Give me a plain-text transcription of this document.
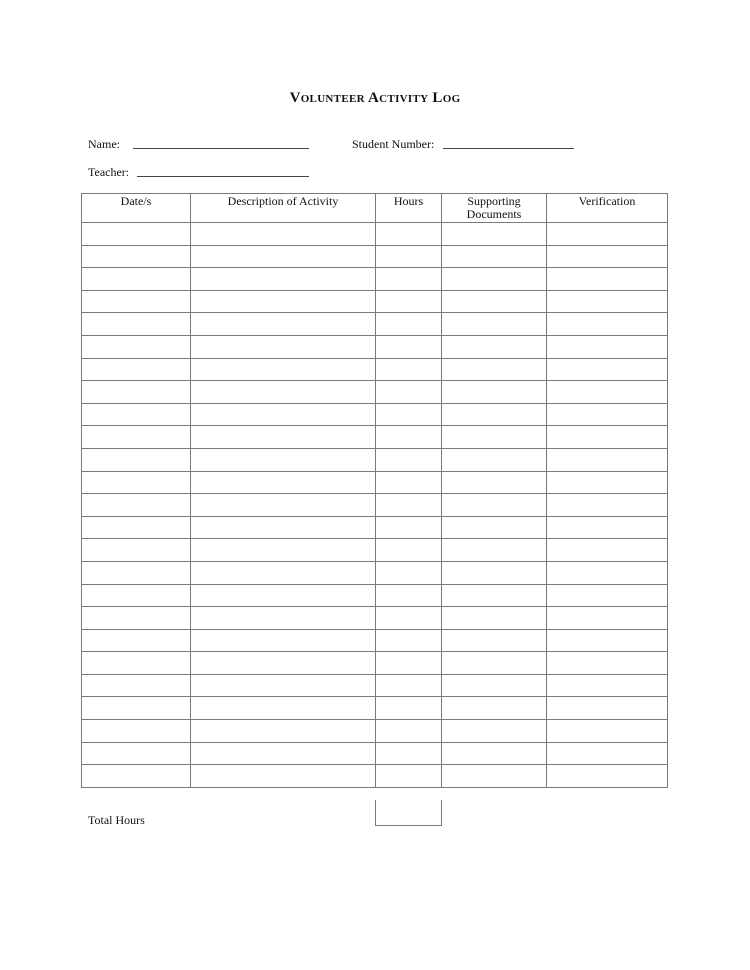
Volunteer Activity Log
Name:	Student Number:
Teacher:
Date/s	Description of Activity	Hours	Supporting Documents	Verification

Total Hours
